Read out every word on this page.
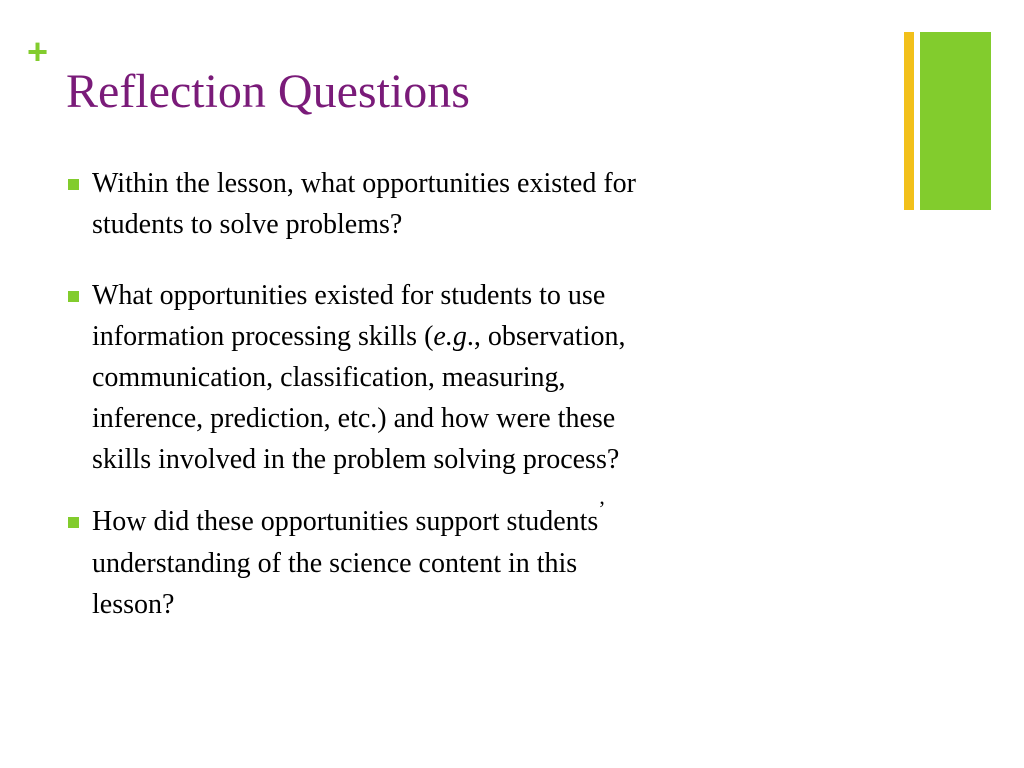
+
Reflection Questions
Within the lesson, what opportunities existed for
students to solve problems?
What opportunities existed for students to use
information processing skills (e.g., observation,
communication, classification, measuring,
inference, prediction, etc.) and how were these
skills involved in the problem solving process?
How did these opportunities support students’
understanding of the science content in this
lesson?
